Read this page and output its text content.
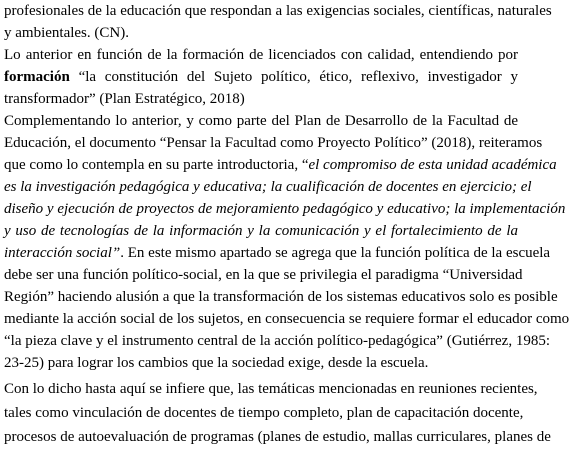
profesionales de la educación que respondan a las exigencias sociales, científicas, naturales
y ambientales. (CN).
Lo anterior en función de la formación de licenciados con calidad, entendiendo por
formación “la constitución del Sujeto político, ético, reflexivo, investigador y
transformador” (Plan Estratégico, 2018)
Complementando lo anterior, y como parte del Plan de Desarrollo de la Facultad de
Educación, el documento “Pensar la Facultad como Proyecto Político” (2018), reiteramos
que como lo contempla en su parte introductoria, “el compromiso de esta unidad académica
es la investigación pedagógica y educativa; la cualificación de docentes en ejercicio; el
diseño y ejecución de proyectos de mejoramiento pedagógico y educativo; la implementación
y uso de tecnologías de la información y la comunicación y el fortalecimiento de la
interacción social”. En este mismo apartado se agrega que la función política de la escuela
debe ser una función político-social, en la que se privilegia el paradigma “Universidad
Región” haciendo alusión a que la transformación de los sistemas educativos solo es posible
mediante la acción social de los sujetos, en consecuencia se requiere formar el educador como
“la pieza clave y el instrumento central de la acción político-pedagógica” (Gutiérrez, 1985:
23-25) para lograr los cambios que la sociedad exige, desde la escuela.
Con lo dicho hasta aquí se infiere que, las temáticas mencionadas en reuniones recientes,
tales como vinculación de docentes de tiempo completo, plan de capacitación docente,
procesos de autoevaluación de programas (planes de estudio, mallas curriculares, planes de
